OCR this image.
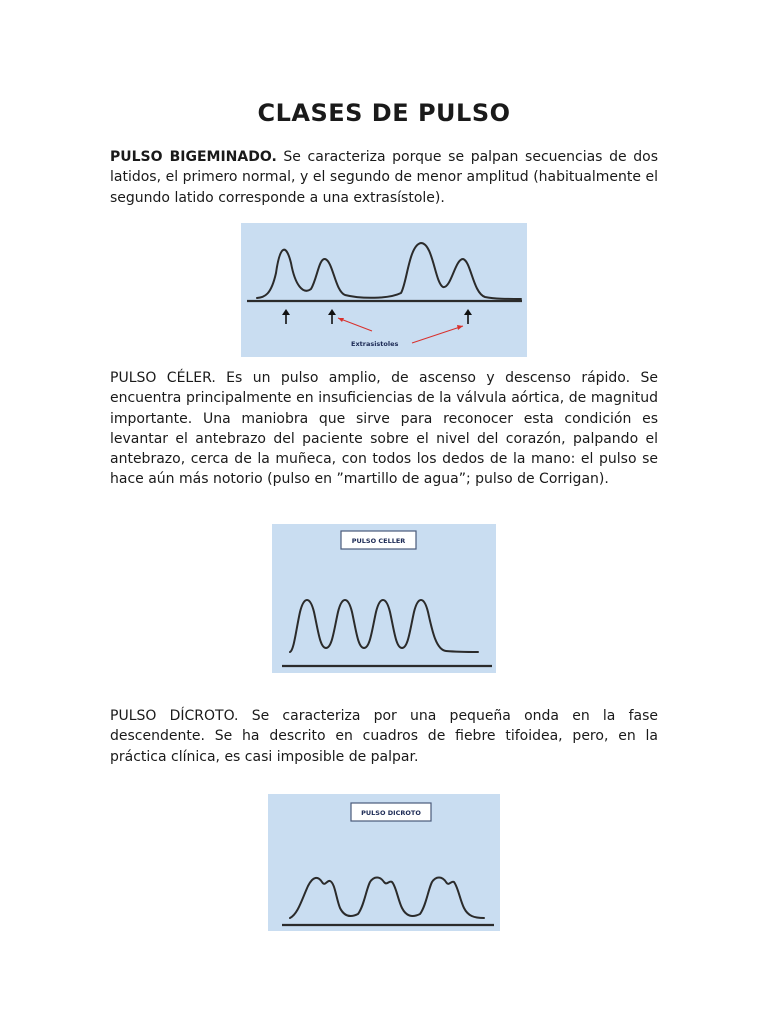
CLASES DE PULSO
PULSO BIGEMINADO. Se caracteriza porque se palpan secuencias de dos latidos, el primero normal, y el segundo de menor amplitud (habitualmente el segundo latido corresponde a una extrasístole).
Extrasistoles
PULSO CÉLER. Es un pulso amplio, de ascenso y descenso rápido. Se encuentra principalmente en insuficiencias de la válvula aórtica, de magnitud importante. Una maniobra que sirve para reconocer esta condición es levantar el antebrazo del paciente sobre el nivel del corazón, palpando el antebrazo, cerca de la muñeca, con todos los dedos de la mano: el pulso se hace aún más notorio (pulso en ”martillo de agua”; pulso de Corrigan).
PULSO CELLER
PULSO DÍCROTO. Se caracteriza por una pequeña onda en la fase descendente. Se ha descrito en cuadros de fiebre tifoidea, pero, en la práctica clínica, es casi imposible de palpar.
PULSO DICROTO
